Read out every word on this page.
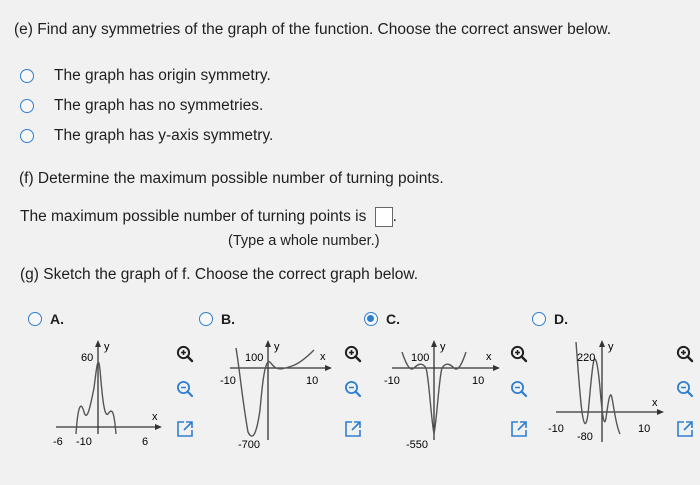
(e) Find any symmetries of the graph of the function. Choose the correct answer below.
The graph has origin symmetry.
The graph has no symmetries.
The graph has y-axis symmetry.
(f) Determine the maximum possible number of turning points.
The maximum possible number of turning points is .
(Type a whole number.)
(g) Sketch the graph of f. Choose the correct graph below.
A.	B.	C.	D.
y
x
60
-6	6
-10
y
x
100
-10	10
-700
y
x
100
-10	10
-550
y
x
220
-10	10
-80
